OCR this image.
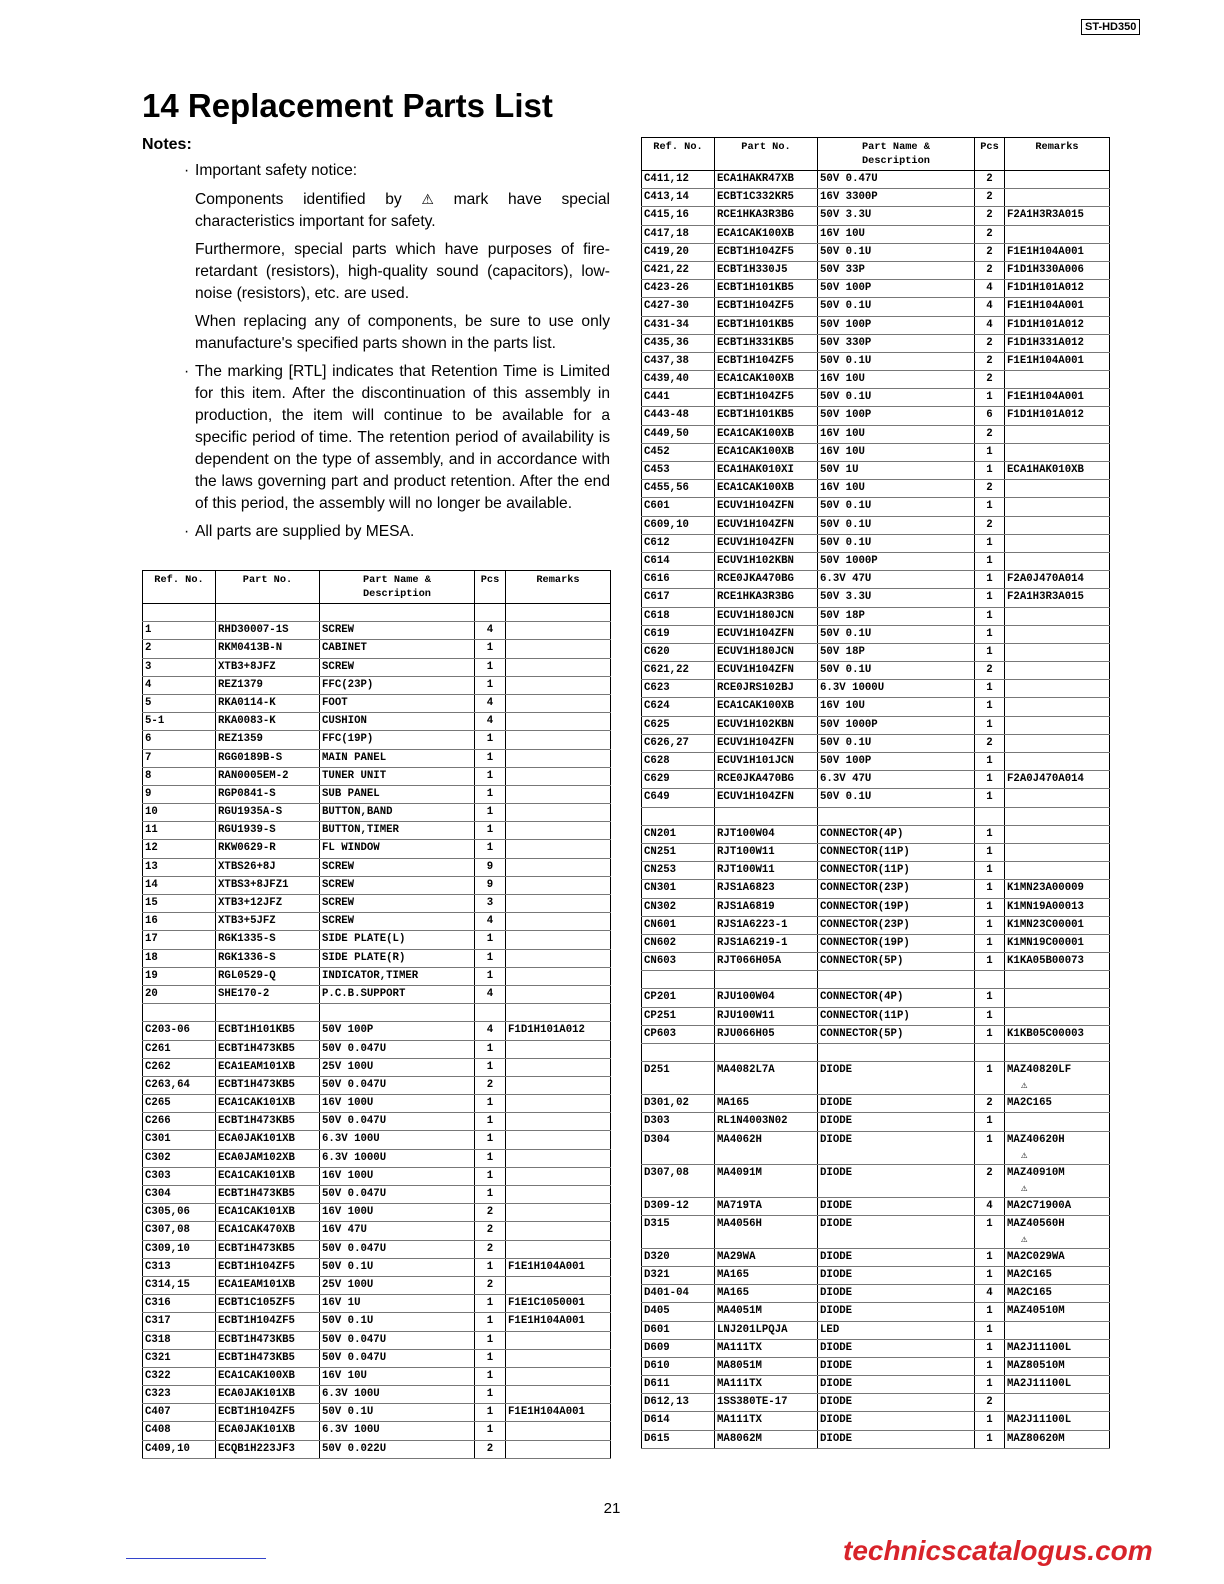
ST-HD350
14 Replacement Parts List
Notes:
· Important safety notice:

Components identified by ⚠ mark have special characteristics important for safety.

Furthermore, special parts which have purposes of fire-retardant (resistors), high-quality sound (capacitors), low-noise (resistors), etc. are used.

When replacing any of components, be sure to use only manufacture's specified parts shown in the parts list.

· The marking [RTL] indicates that Retention Time is Limited for this item. After the discontinuation of this assembly in production, the item will continue to be available for a specific period of time. The retention period of availability is dependent on the type of assembly, and in accordance with the laws governing part and product retention. After the end of this period, the assembly will no longer be available.
· All parts are supplied by MESA.
Ref. No.	Part No.	Part Name &
Description	Pcs	Remarks

1	RHD30007-1S	SCREW	4	
2	RKM0413B-N	CABINET	1	
3	XTB3+8JFZ	SCREW	1	
4	REZ1379	FFC(23P)	1	
5	RKA0114-K	FOOT	4	
5-1	RKA0083-K	CUSHION	4	
6	REZ1359	FFC(19P)	1	
7	RGG0189B-S	MAIN PANEL	1	
8	RAN0005EM-2	TUNER UNIT	1	
9	RGP0841-S	SUB PANEL	1	
10	RGU1935A-S	BUTTON,BAND	1	
11	RGU1939-S	BUTTON,TIMER	1	
12	RKW0629-R	FL WINDOW	1	
13	XTBS26+8J	SCREW	9	
14	XTBS3+8JFZ1	SCREW	9	
15	XTB3+12JFZ	SCREW	3	
16	XTB3+5JFZ	SCREW	4	
17	RGK1335-S	SIDE PLATE(L)	1	
18	RGK1336-S	SIDE PLATE(R)	1	
19	RGL0529-Q	INDICATOR,TIMER	1	
20	SHE170-2	P.C.B.SUPPORT	4	

C203-06	ECBT1H101KB5	50V 100P	4	F1D1H101A012
C261	ECBT1H473KB5	50V 0.047U	1	
C262	ECA1EAM101XB	25V 100U	1	
C263,64	ECBT1H473KB5	50V 0.047U	2	
C265	ECA1CAK101XB	16V 100U	1	
C266	ECBT1H473KB5	50V 0.047U	1	
C301	ECA0JAK101XB	6.3V 100U	1	
C302	ECA0JAM102XB	6.3V 1000U	1	
C303	ECA1CAK101XB	16V 100U	1	
C304	ECBT1H473KB5	50V 0.047U	1	
C305,06	ECA1CAK101XB	16V 100U	2	
C307,08	ECA1CAK470XB	16V 47U	2	
C309,10	ECBT1H473KB5	50V 0.047U	2	
C313	ECBT1H104ZF5	50V 0.1U	1	F1E1H104A001
C314,15	ECA1EAM101XB	25V 100U	2	
C316	ECBT1C105ZF5	16V 1U	1	F1E1C1050001
C317	ECBT1H104ZF5	50V 0.1U	1	F1E1H104A001
C318	ECBT1H473KB5	50V 0.047U	1	
C321	ECBT1H473KB5	50V 0.047U	1	
C322	ECA1CAK100XB	16V 10U	1	
C323	ECA0JAK101XB	6.3V 100U	1	
C407	ECBT1H104ZF5	50V 0.1U	1	F1E1H104A001
C408	ECA0JAK101XB	6.3V 100U	1	
C409,10	ECQB1H223JF3	50V 0.022U	2	
Ref. No.	Part No.	Part Name &
Description	Pcs	Remarks
C411,12	ECA1HAKR47XB	50V 0.47U	2	
C413,14	ECBT1C332KR5	16V 3300P	2	
C415,16	RCE1HKA3R3BG	50V 3.3U	2	F2A1H3R3A015
C417,18	ECA1CAK100XB	16V 10U	2	
C419,20	ECBT1H104ZF5	50V 0.1U	2	F1E1H104A001
C421,22	ECBT1H330J5	50V 33P	2	F1D1H330A006
C423-26	ECBT1H101KB5	50V 100P	4	F1D1H101A012
C427-30	ECBT1H104ZF5	50V 0.1U	4	F1E1H104A001
C431-34	ECBT1H101KB5	50V 100P	4	F1D1H101A012
C435,36	ECBT1H331KB5	50V 330P	2	F1D1H331A012
C437,38	ECBT1H104ZF5	50V 0.1U	2	F1E1H104A001
C439,40	ECA1CAK100XB	16V 10U	2	
C441	ECBT1H104ZF5	50V 0.1U	1	F1E1H104A001
C443-48	ECBT1H101KB5	50V 100P	6	F1D1H101A012
C449,50	ECA1CAK100XB	16V 10U	2	
C452	ECA1CAK100XB	16V 10U	1	
C453	ECA1HAK010XI	50V 1U	1	ECA1HAK010XB
C455,56	ECA1CAK100XB	16V 10U	2	
C601	ECUV1H104ZFN	50V 0.1U	1	
C609,10	ECUV1H104ZFN	50V 0.1U	2	
C612	ECUV1H104ZFN	50V 0.1U	1	
C614	ECUV1H102KBN	50V 1000P	1	
C616	RCE0JKA470BG	6.3V 47U	1	F2A0J470A014
C617	RCE1HKA3R3BG	50V 3.3U	1	F2A1H3R3A015
C618	ECUV1H180JCN	50V 18P	1	
C619	ECUV1H104ZFN	50V 0.1U	1	
C620	ECUV1H180JCN	50V 18P	1	
C621,22	ECUV1H104ZFN	50V 0.1U	2	
C623	RCE0JRS102BJ	6.3V 1000U	1	
C624	ECA1CAK100XB	16V 10U	1	
C625	ECUV1H102KBN	50V 1000P	1	
C626,27	ECUV1H104ZFN	50V 0.1U	2	
C628	ECUV1H101JCN	50V 100P	1	
C629	RCE0JKA470BG	6.3V 47U	1	F2A0J470A014
C649	ECUV1H104ZFN	50V 0.1U	1	

CN201	RJT100W04	CONNECTOR(4P)	1	
CN251	RJT100W11	CONNECTOR(11P)	1	
CN253	RJT100W11	CONNECTOR(11P)	1	
CN301	RJS1A6823	CONNECTOR(23P)	1	K1MN23A00009
CN302	RJS1A6819	CONNECTOR(19P)	1	K1MN19A00013
CN601	RJS1A6223-1	CONNECTOR(23P)	1	K1MN23C00001
CN602	RJS1A6219-1	CONNECTOR(19P)	1	K1MN19C00001
CN603	RJT066H05A	CONNECTOR(5P)	1	K1KA05B00073

CP201	RJU100W04	CONNECTOR(4P)	1	
CP251	RJU100W11	CONNECTOR(11P)	1	
CP603	RJU066H05	CONNECTOR(5P)	1	K1KB05C00003

D251	MA4082L7A	DIODE	1	MAZ40820LF
⚠

D301,02	MA165	DIODE	2	MA2C165
D303	RL1N4003N02	DIODE	1	
D304	MA4062H	DIODE	1	MAZ40620H
⚠

D307,08	MA4091M	DIODE	2	MAZ40910M
⚠

D309-12	MA719TA	DIODE	4	MA2C71900A
D315	MA4056H	DIODE	1	MAZ40560H
⚠

D320	MA29WA	DIODE	1	MA2C029WA
D321	MA165	DIODE	1	MA2C165
D401-04	MA165	DIODE	4	MA2C165
D405	MA4051M	DIODE	1	MAZ40510M
D601	LNJ201LPQJA	LED	1	
D609	MA111TX	DIODE	1	MA2J11100L
D610	MA8051M	DIODE	1	MAZ80510M
D611	MA111TX	DIODE	1	MA2J11100L
D612,13	1SS380TE-17	DIODE	2	
D614	MA111TX	DIODE	1	MA2J11100L
D615	MA8062M	DIODE	1	MAZ80620M
21
technicscatalogus.com
